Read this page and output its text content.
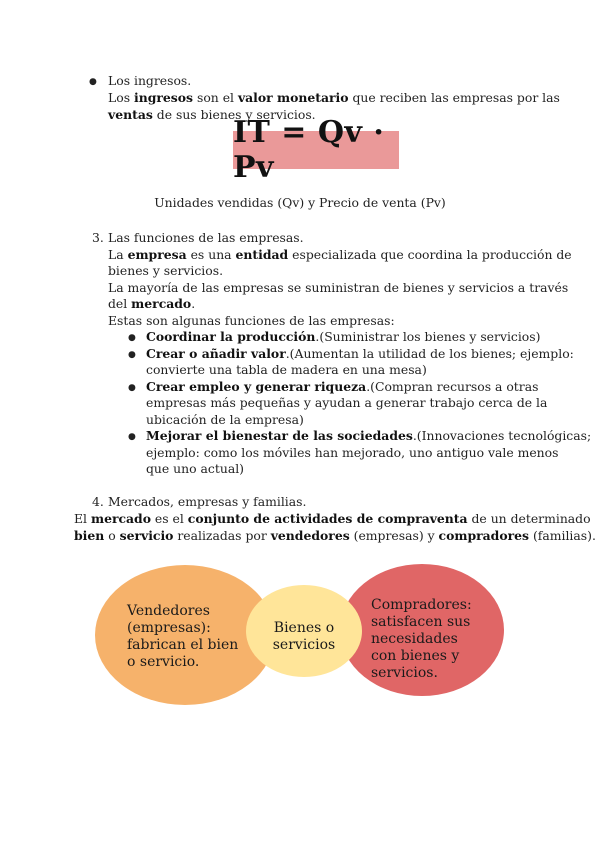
● Los ingresos.
Los ingresos son el valor monetario que reciben las empresas por las
ventas de sus bienes y servicios.
IT = Qv · Pv
Unidades vendidas (Qv) y Precio de venta (Pv)
3. Las funciones de las empresas.
La empresa es una entidad especializada que coordina la producción de
bienes y servicios.
La mayoría de las empresas se suministran de bienes y servicios a través
del mercado.
Estas son algunas funciones de las empresas:
● Coordinar la producción.(Suministrar los bienes y servicios)
● Crear o añadir valor.(Aumentan la utilidad de los bienes; ejemplo:
convierte una tabla de madera en una mesa)
● Crear empleo y generar riqueza.(Compran recursos a otras
empresas más pequeñas y ayudan a generar trabajo cerca de la
ubicación de la empresa)
● Mejorar el bienestar de las sociedades.(Innovaciones tecnológicas;
ejemplo: como los móviles han mejorado, uno antiguo vale menos
que uno actual)
4. Mercados, empresas y familias.
El mercado es el conjunto de actividades de compraventa de un determinado
bien o servicio realizadas por vendedores (empresas) y compradores (familias).
Vendedores
(empresas):
fabrican el bien
o servicio.
Bienes o
servicios
Compradores:
satisfacen sus
necesidades
con bienes y
servicios.
